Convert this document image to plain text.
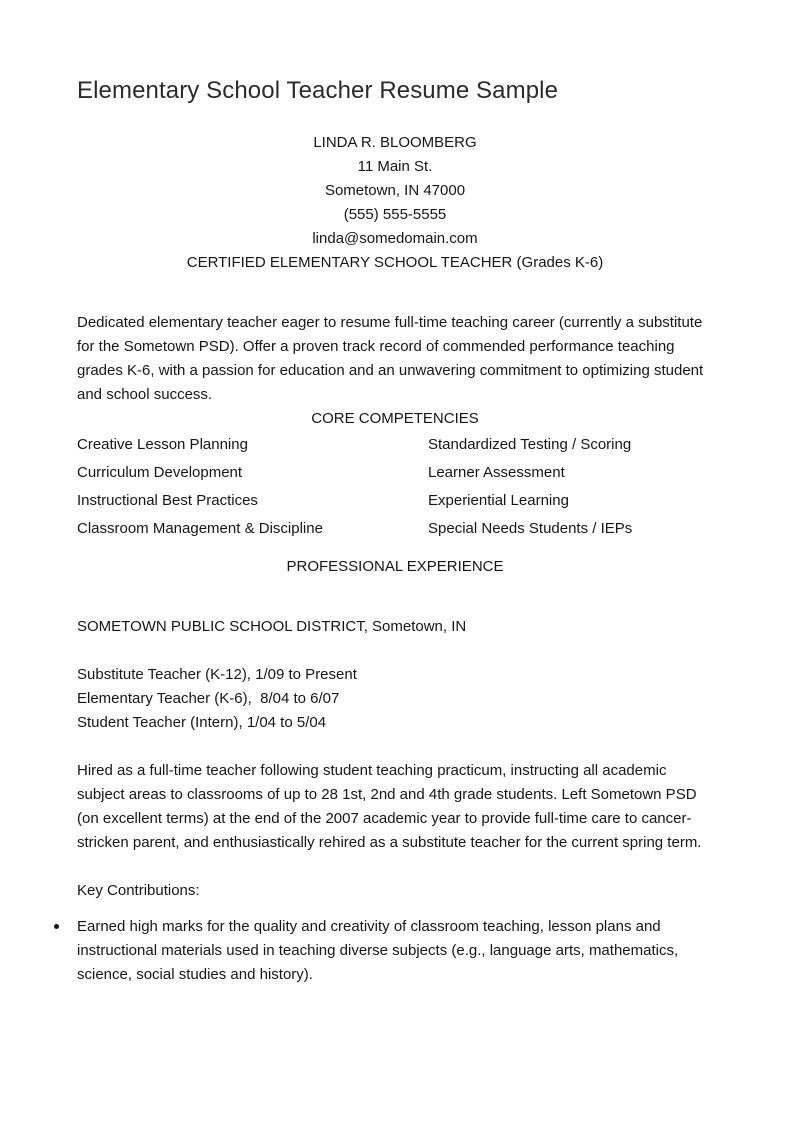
Elementary School Teacher Resume Sample
LINDA R. BLOOMBERG
11 Main St.
Sometown, IN 47000
(555) 555-5555
linda@somedomain.com
CERTIFIED ELEMENTARY SCHOOL TEACHER (Grades K-6)

Dedicated elementary teacher eager to resume full-time teaching career (currently a substitute for the Sometown PSD). Offer a proven track record of commended performance teaching grades K-6, with a passion for education and an unwavering commitment to optimizing student and school success.

CORE COMPETENCIES
Creative Lesson Planning	Standardized Testing / Scoring
Curriculum Development	Learner Assessment
Instructional Best Practices	Experiential Learning
Classroom Management & Discipline	Special Needs Students / IEPs
PROFESSIONAL EXPERIENCE
SOMETOWN PUBLIC SCHOOL DISTRICT, Sometown, IN
Substitute Teacher (K-12), 1/09 to Present
Elementary Teacher (K-6),  8/04 to 6/07
Student Teacher (Intern), 1/04 to 5/04

Hired as a full-time teacher following student teaching practicum, instructing all academic subject areas to classrooms of up to 28 1st, 2nd and 4th grade students. Left Sometown PSD (on excellent terms) at the end of the 2007 academic year to provide full-time care to cancer-stricken parent, and enthusiastically rehired as a substitute teacher for the current spring term.

Key Contributions:
Earned high marks for the quality and creativity of classroom teaching, lesson plans and instructional materials used in teaching diverse subjects (e.g., language arts, mathematics, science, social studies and history).
